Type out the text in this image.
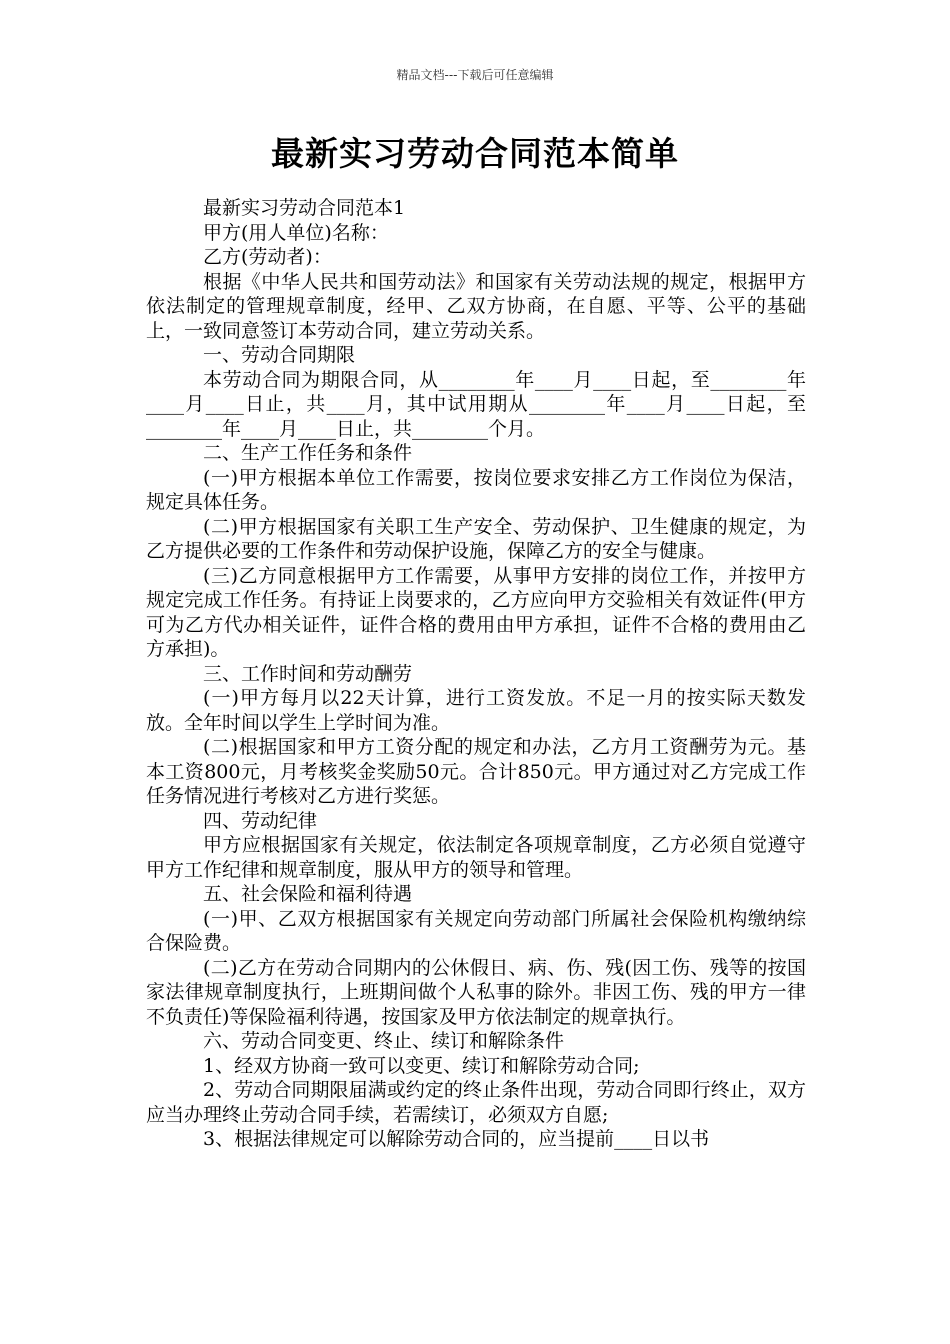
精品文档---下载后可任意编辑
最新实习劳动合同范本简单

最新实习劳动合同范本1

甲方(用人单位)名称：

乙方(劳动者)：

根据《中华人民共和国劳动法》和国家有关劳动法规的规定，根据甲方依法制定的管理规章制度，经甲、乙双方协商，在自愿、平等、公平的基础上，一致同意签订本劳动合同，建立劳动关系。

一、劳动合同期限

本劳动合同为期限合同，从________年____月____日起，至________年____月____日止，共____月，其中试用期从________年____月____日起，至________年____月____日止，共________个月。

二、生产工作任务和条件

(一)甲方根据本单位工作需要，按岗位要求安排乙方工作岗位为保洁，规定具体任务。

(二)甲方根据国家有关职工生产安全、劳动保护、卫生健康的规定，为乙方提供必要的工作条件和劳动保护设施，保障乙方的安全与健康。

(三)乙方同意根据甲方工作需要，从事甲方安排的岗位工作，并按甲方规定完成工作任务。有持证上岗要求的，乙方应向甲方交验相关有效证件(甲方可为乙方代办相关证件，证件合格的费用由甲方承担，证件不合格的费用由乙方承担)。

三、工作时间和劳动酬劳

(一)甲方每月以22天计算，进行工资发放。不足一月的按实际天数发放。全年时间以学生上学时间为准。

(二)根据国家和甲方工资分配的规定和办法，乙方月工资酬劳为元。基本工资800元，月考核奖金奖励50元。合计850元。甲方通过对乙方完成工作任务情况进行考核对乙方进行奖惩。

四、劳动纪律

甲方应根据国家有关规定，依法制定各项规章制度，乙方必须自觉遵守甲方工作纪律和规章制度，服从甲方的领导和管理。

五、社会保险和福利待遇

(一)甲、乙双方根据国家有关规定向劳动部门所属社会保险机构缴纳综合保险费。

(二)乙方在劳动合同期内的公休假日、病、伤、残(因工伤、残等的按国家法律规章制度执行，上班期间做个人私事的除外。非因工伤、残的甲方一律不负责任)等保险福利待遇，按国家及甲方依法制定的规章执行。

六、劳动合同变更、终止、续订和解除条件

1、经双方协商一致可以变更、续订和解除劳动合同;

2、劳动合同期限届满或约定的终止条件出现，劳动合同即行终止，双方应当办理终止劳动合同手续，若需续订，必须双方自愿;

3、根据法律规定可以解除劳动合同的，应当提前____日以书
